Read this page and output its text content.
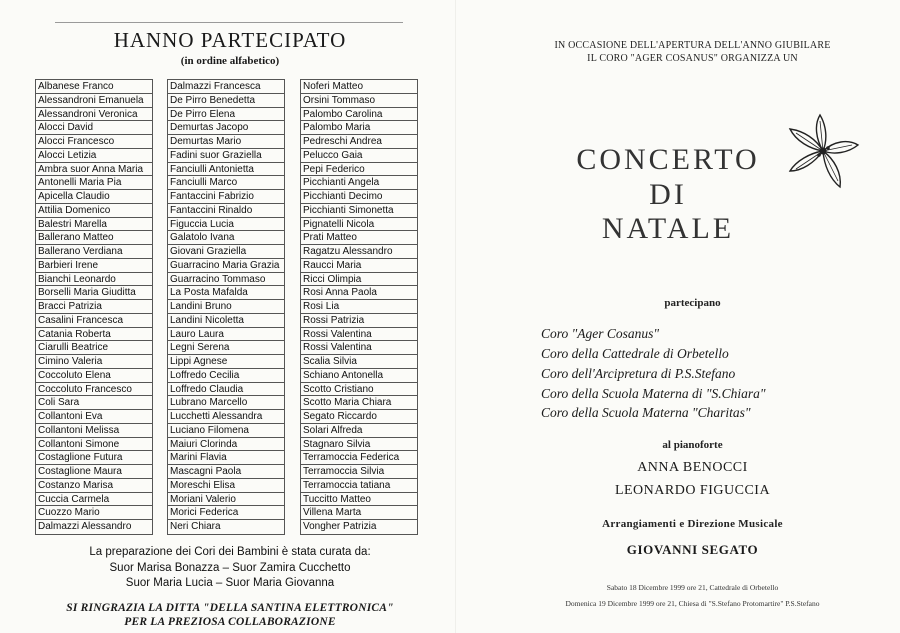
HANNO PARTECIPATO
(in ordine alfabetico)
Albanese Franco
Alessandroni Emanuela
Alessandroni Veronica
Alocci David
Alocci Francesco
Alocci Letizia
Ambra suor Anna Maria
Antonelli Maria Pia
Apicella Claudio
Attilia Domenico
Balestri Marella
Ballerano Matteo
Ballerano Verdiana
Barbieri Irene
Bianchi Leonardo
Borselli Maria Giuditta
Bracci Patrizia
Casalini Francesca
Catania Roberta
Ciarulli Beatrice
Cimino Valeria
Coccoluto Elena
Coccoluto Francesco
Coli Sara
Collantoni Eva
Collantoni Melissa
Collantoni Simone
Costaglione Futura
Costaglione Maura
Costanzo Marisa
Cuccia Carmela
Cuozzo Mario
Dalmazzi Alessandro
Dalmazzi Francesca
De Pirro Benedetta
De Pirro Elena
Demurtas Jacopo
Demurtas Mario
Fadini suor Graziella
Fanciulli Antonietta
Fanciulli Marco
Fantaccini Fabrizio
Fantaccini Rinaldo
Figuccia Lucia
Galatolo Ivana
Giovani Graziella
Guarracino Maria Grazia
Guarracino Tommaso
La Posta Mafalda
Landini Bruno
Landini Nicoletta
Lauro Laura
Legni Serena
Lippi Agnese
Loffredo Cecilia
Loffredo Claudia
Lubrano Marcello
Lucchetti Alessandra
Luciano Filomena
Maiuri Clorinda
Marini Flavia
Mascagni Paola
Moreschi Elisa
Moriani Valerio
Morici Federica
Neri Chiara
Noferi Matteo
Orsini Tommaso
Palombo Carolina
Palombo Maria
Pedreschi Andrea
Pelucco Gaia
Pepi Federico
Picchianti Angela
Picchianti Decimo
Picchianti Simonetta
Pignatelli Nicola
Prati Matteo
Ragatzu Alessandro
Raucci Maria
Ricci Olimpia
Rosi Anna Paola
Rosi Lia
Rossi Patrizia
Rossi Valentina
Rossi Valentina
Scalia Silvia
Schiano Antonella
Scotto Cristiano
Scotto Maria Chiara
Segato Riccardo
Solari Alfreda
Stagnaro Silvia
Terramoccia Federica
Terramoccia Silvia
Terramoccia tatiana
Tuccitto Matteo
Villena Marta
Vongher Patrizia
La preparazione dei Cori dei Bambini è stata curata da:
Suor Marisa Bonazza – Suor Zamira Cucchetto
Suor Maria Lucia – Suor Maria Giovanna
SI RINGRAZIA LA DITTA "DELLA SANTINA ELETTRONICA"
PER LA PREZIOSA COLLABORAZIONE
IN OCCASIONE DELL'APERTURA DELL'ANNO GIUBILARE
IL CORO "AGER COSANUS" ORGANIZZA UN
CONCERTO
DI
NATALE
partecipano
Coro "Ager Cosanus"
Coro della Cattedrale di Orbetello
Coro dell'Arcipretura di P.S.Stefano
Coro della Scuola Materna di "S.Chiara"
Coro della Scuola Materna "Charitas"
al pianoforte
ANNA BENOCCI
LEONARDO FIGUCCIA
Arrangiamenti e Direzione Musicale
GIOVANNI SEGATO
Sabato 18 Dicembre 1999 ore 21, Cattedrale di Orbetello
Domenica 19 Dicembre 1999 ore 21, Chiesa di "S.Stefano Protomartire" P.S.Stefano
